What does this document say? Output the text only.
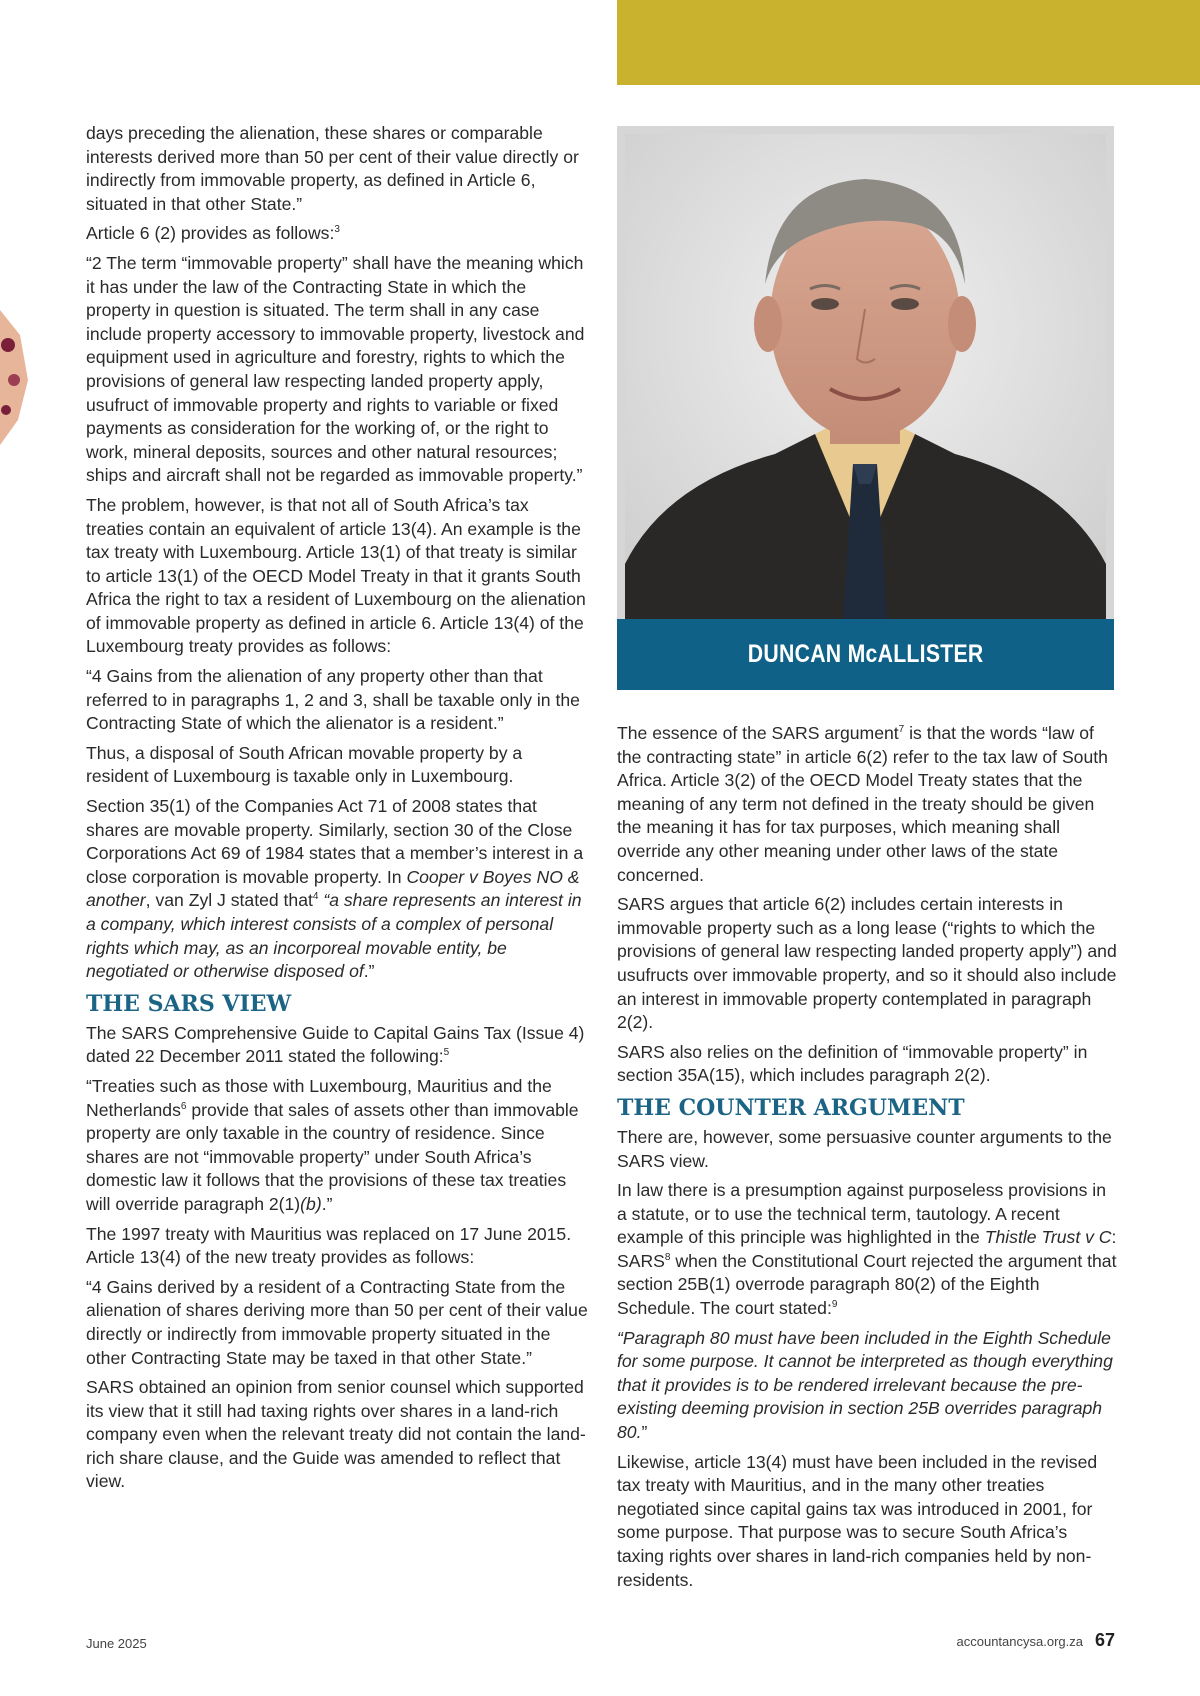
days preceding the alienation, these shares or comparable interests derived more than 50 per cent of their value directly or indirectly from immovable property, as defined in Article 6, situated in that other State.”

Article 6 (2) provides as follows:$^3$

“2 The term “immovable property” shall have the meaning which it has under the law of the Contracting State in which the property in question is situated. The term shall in any case include property accessory to immovable property, livestock and equipment used in agriculture and forestry, rights to which the provisions of general law respecting landed property apply, usufruct of immovable property and rights to variable or fixed payments as consideration for the working of, or the right to work, mineral deposits, sources and other natural resources; ships and aircraft shall not be regarded as immovable property.”

The problem, however, is that not all of South Africa’s tax treaties contain an equivalent of article 13(4). An example is the tax treaty with Luxembourg. Article 13(1) of that treaty is similar to article 13(1) of the OECD Model Treaty in that it grants South Africa the right to tax a resident of Luxembourg on the alienation of immovable property as defined in article 6. Article 13(4) of the Luxembourg treaty provides as follows:

“4 Gains from the alienation of any property other than that referred to in paragraphs 1, 2 and 3, shall be taxable only in the Contracting State of which the alienator is a resident.”

Thus, a disposal of South African movable property by a resident of Luxembourg is taxable only in Luxembourg.

Section 35(1) of the Companies Act 71 of 2008 states that shares are movable property. Similarly, section 30 of the Close Corporations Act 69 of 1984 states that a member’s interest in a close corporation is movable property. In Cooper v Boyes NO & another, van Zyl J stated that$^4$ “a share represents an interest in a company, which interest consists of a complex of personal rights which may, as an incorporeal movable entity, be negotiated or otherwise disposed of.”

THE SARS VIEW

The SARS Comprehensive Guide to Capital Gains Tax (Issue 4) dated 22 December 2011 stated the following:$^5$

“Treaties such as those with Luxembourg, Mauritius and the Netherlands$^6$ provide that sales of assets other than immovable property are only taxable in the country of residence. Since shares are not “immovable property” under South Africa’s domestic law it follows that the provisions of these tax treaties will override paragraph 2(1)(b).”

The 1997 treaty with Mauritius was replaced on 17 June 2015. Article 13(4) of the new treaty provides as follows:

“4 Gains derived by a resident of a Contracting State from the alienation of shares deriving more than 50 per cent of their value directly or indirectly from immovable property situated in the other Contracting State may be taxed in that other State.”

SARS obtained an opinion from senior counsel which supported its view that it still had taxing rights over shares in a land-rich company even when the relevant treaty did not contain the land-rich share clause, and the Guide was amended to reflect that view.

DUNCAN McALLISTER

The essence of the SARS argument$^7$ is that the words “law of the contracting state” in article 6(2) refer to the tax law of South Africa. Article 3(2) of the OECD Model Treaty states that the meaning of any term not defined in the treaty should be given the meaning it has for tax purposes, which meaning shall override any other meaning under other laws of the state concerned.

SARS argues that article 6(2) includes certain interests in immovable property such as a long lease (“rights to which the provisions of general law respecting landed property apply”) and usufructs over immovable property, and so it should also include an interest in immovable property contemplated in paragraph 2(2).

SARS also relies on the definition of “immovable property” in section 35A(15), which includes paragraph 2(2).

THE COUNTER ARGUMENT

There are, however, some persuasive counter arguments to the SARS view.

In law there is a presumption against purposeless provisions in a statute, or to use the technical term, tautology. A recent example of this principle was highlighted in the Thistle Trust v C: SARS$^8$ when the Constitutional Court rejected the argument that section 25B(1) overrode paragraph 80(2) of the Eighth Schedule. The court stated:$^9$

“Paragraph 80 must have been included in the Eighth Schedule for some purpose. It cannot be interpreted as though everything that it provides is to be rendered irrelevant because the pre-existing deeming provision in section 25B overrides paragraph 80.”

Likewise, article 13(4) must have been included in the revised tax treaty with Mauritius, and in the many other treaties negotiated since capital gains tax was introduced in 2001, for some purpose. That purpose was to secure South Africa’s taxing rights over shares in land-rich companies held by non-residents.

June 2025	accountancysa.org.za 67
